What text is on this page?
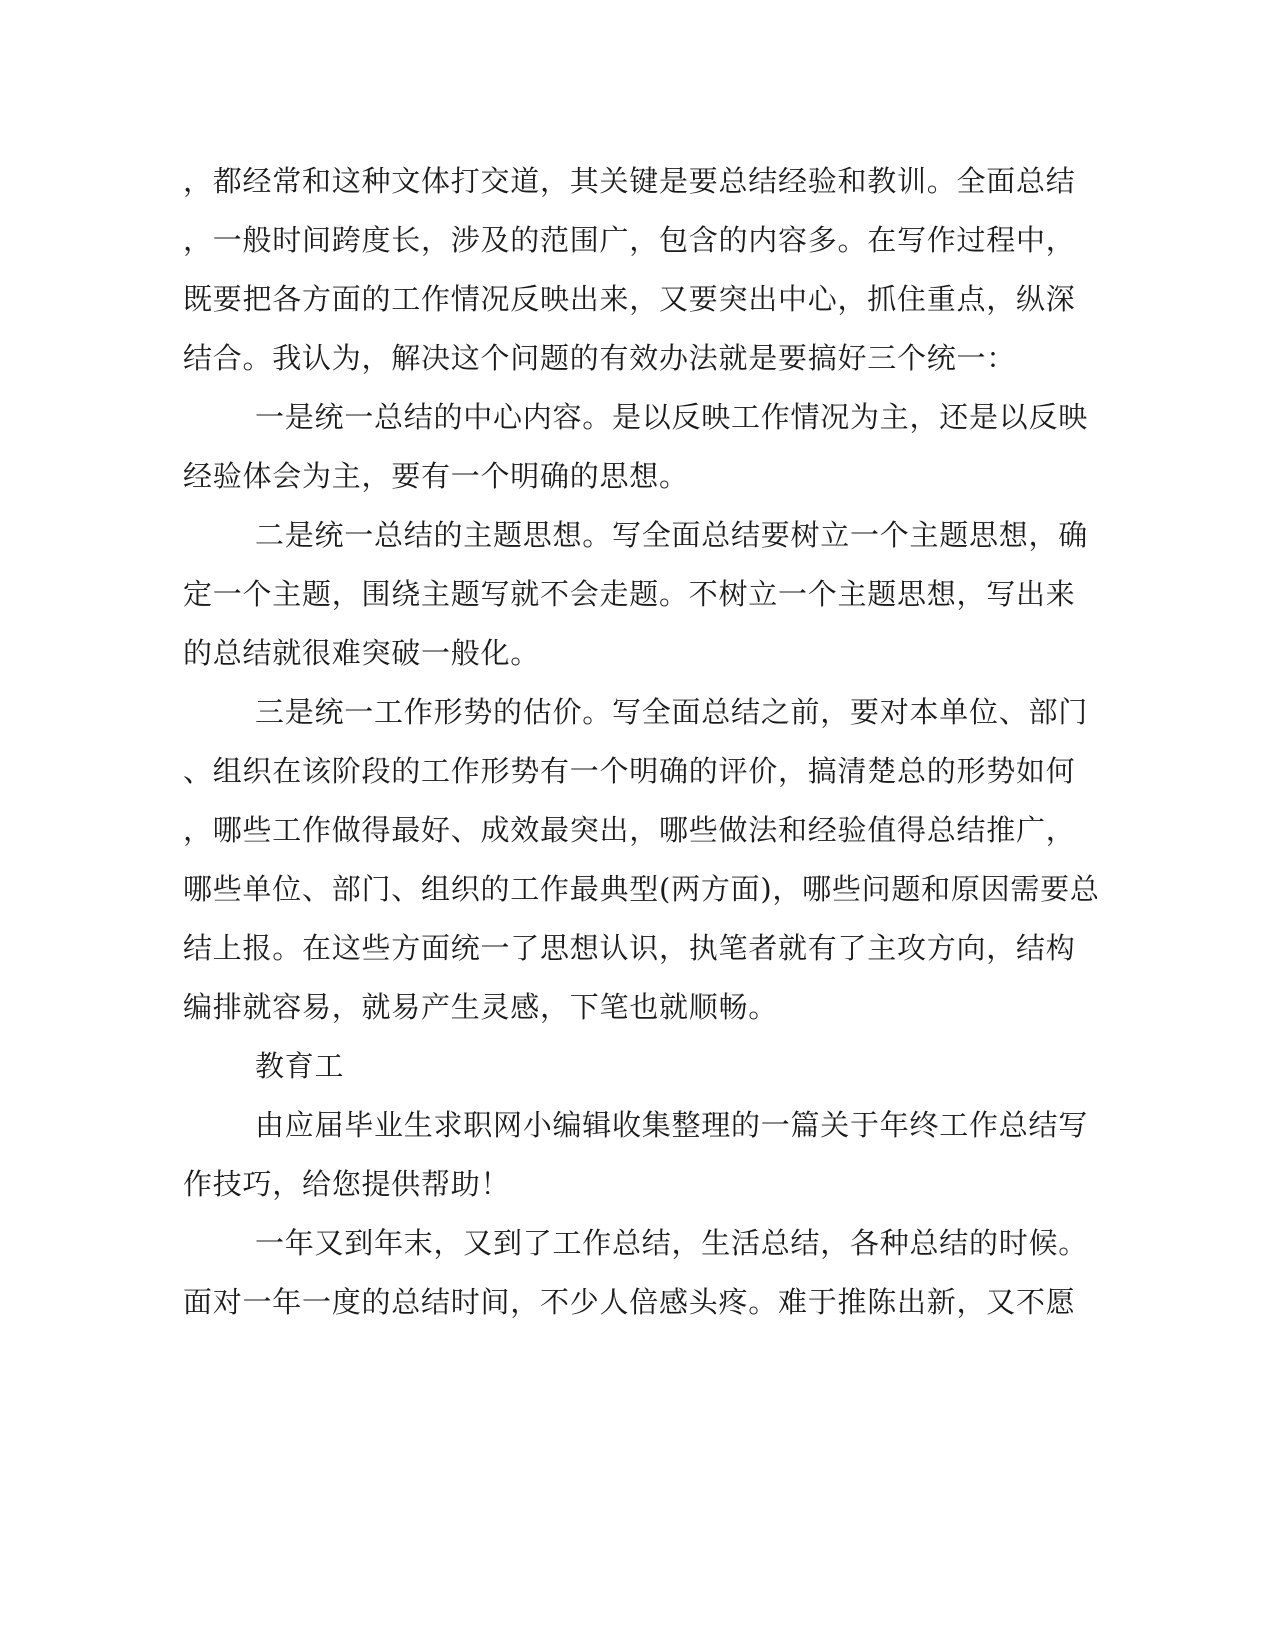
，都经常和这种文体打交道，其关键是要总结经验和教训。全面总结
，一般时间跨度长，涉及的范围广，包含的内容多。在写作过程中，
既要把各方面的工作情况反映出来，又要突出中心，抓住重点，纵深
结合。我认为，解决这个问题的有效办法就是要搞好三个统一：
一是统一总结的中心内容。是以反映工作情况为主，还是以反映
经验体会为主，要有一个明确的思想。
二是统一总结的主题思想。写全面总结要树立一个主题思想，确
定一个主题，围绕主题写就不会走题。不树立一个主题思想，写出来
的总结就很难突破一般化。
三是统一工作形势的估价。写全面总结之前，要对本单位、部门
、组织在该阶段的工作形势有一个明确的评价，搞清楚总的形势如何
，哪些工作做得最好、成效最突出，哪些做法和经验值得总结推广，
哪些单位、部门、组织的工作最典型(两方面)，哪些问题和原因需要总
结上报。在这些方面统一了思想认识，执笔者就有了主攻方向，结构
编排就容易，就易产生灵感，下笔也就顺畅。
教育工
由应届毕业生求职网小编辑收集整理的一篇关于年终工作总结写
作技巧，给您提供帮助！
一年又到年末，又到了工作总结，生活总结，各种总结的时候。
面对一年一度的总结时间，不少人倍感头疼。难于推陈出新，又不愿
